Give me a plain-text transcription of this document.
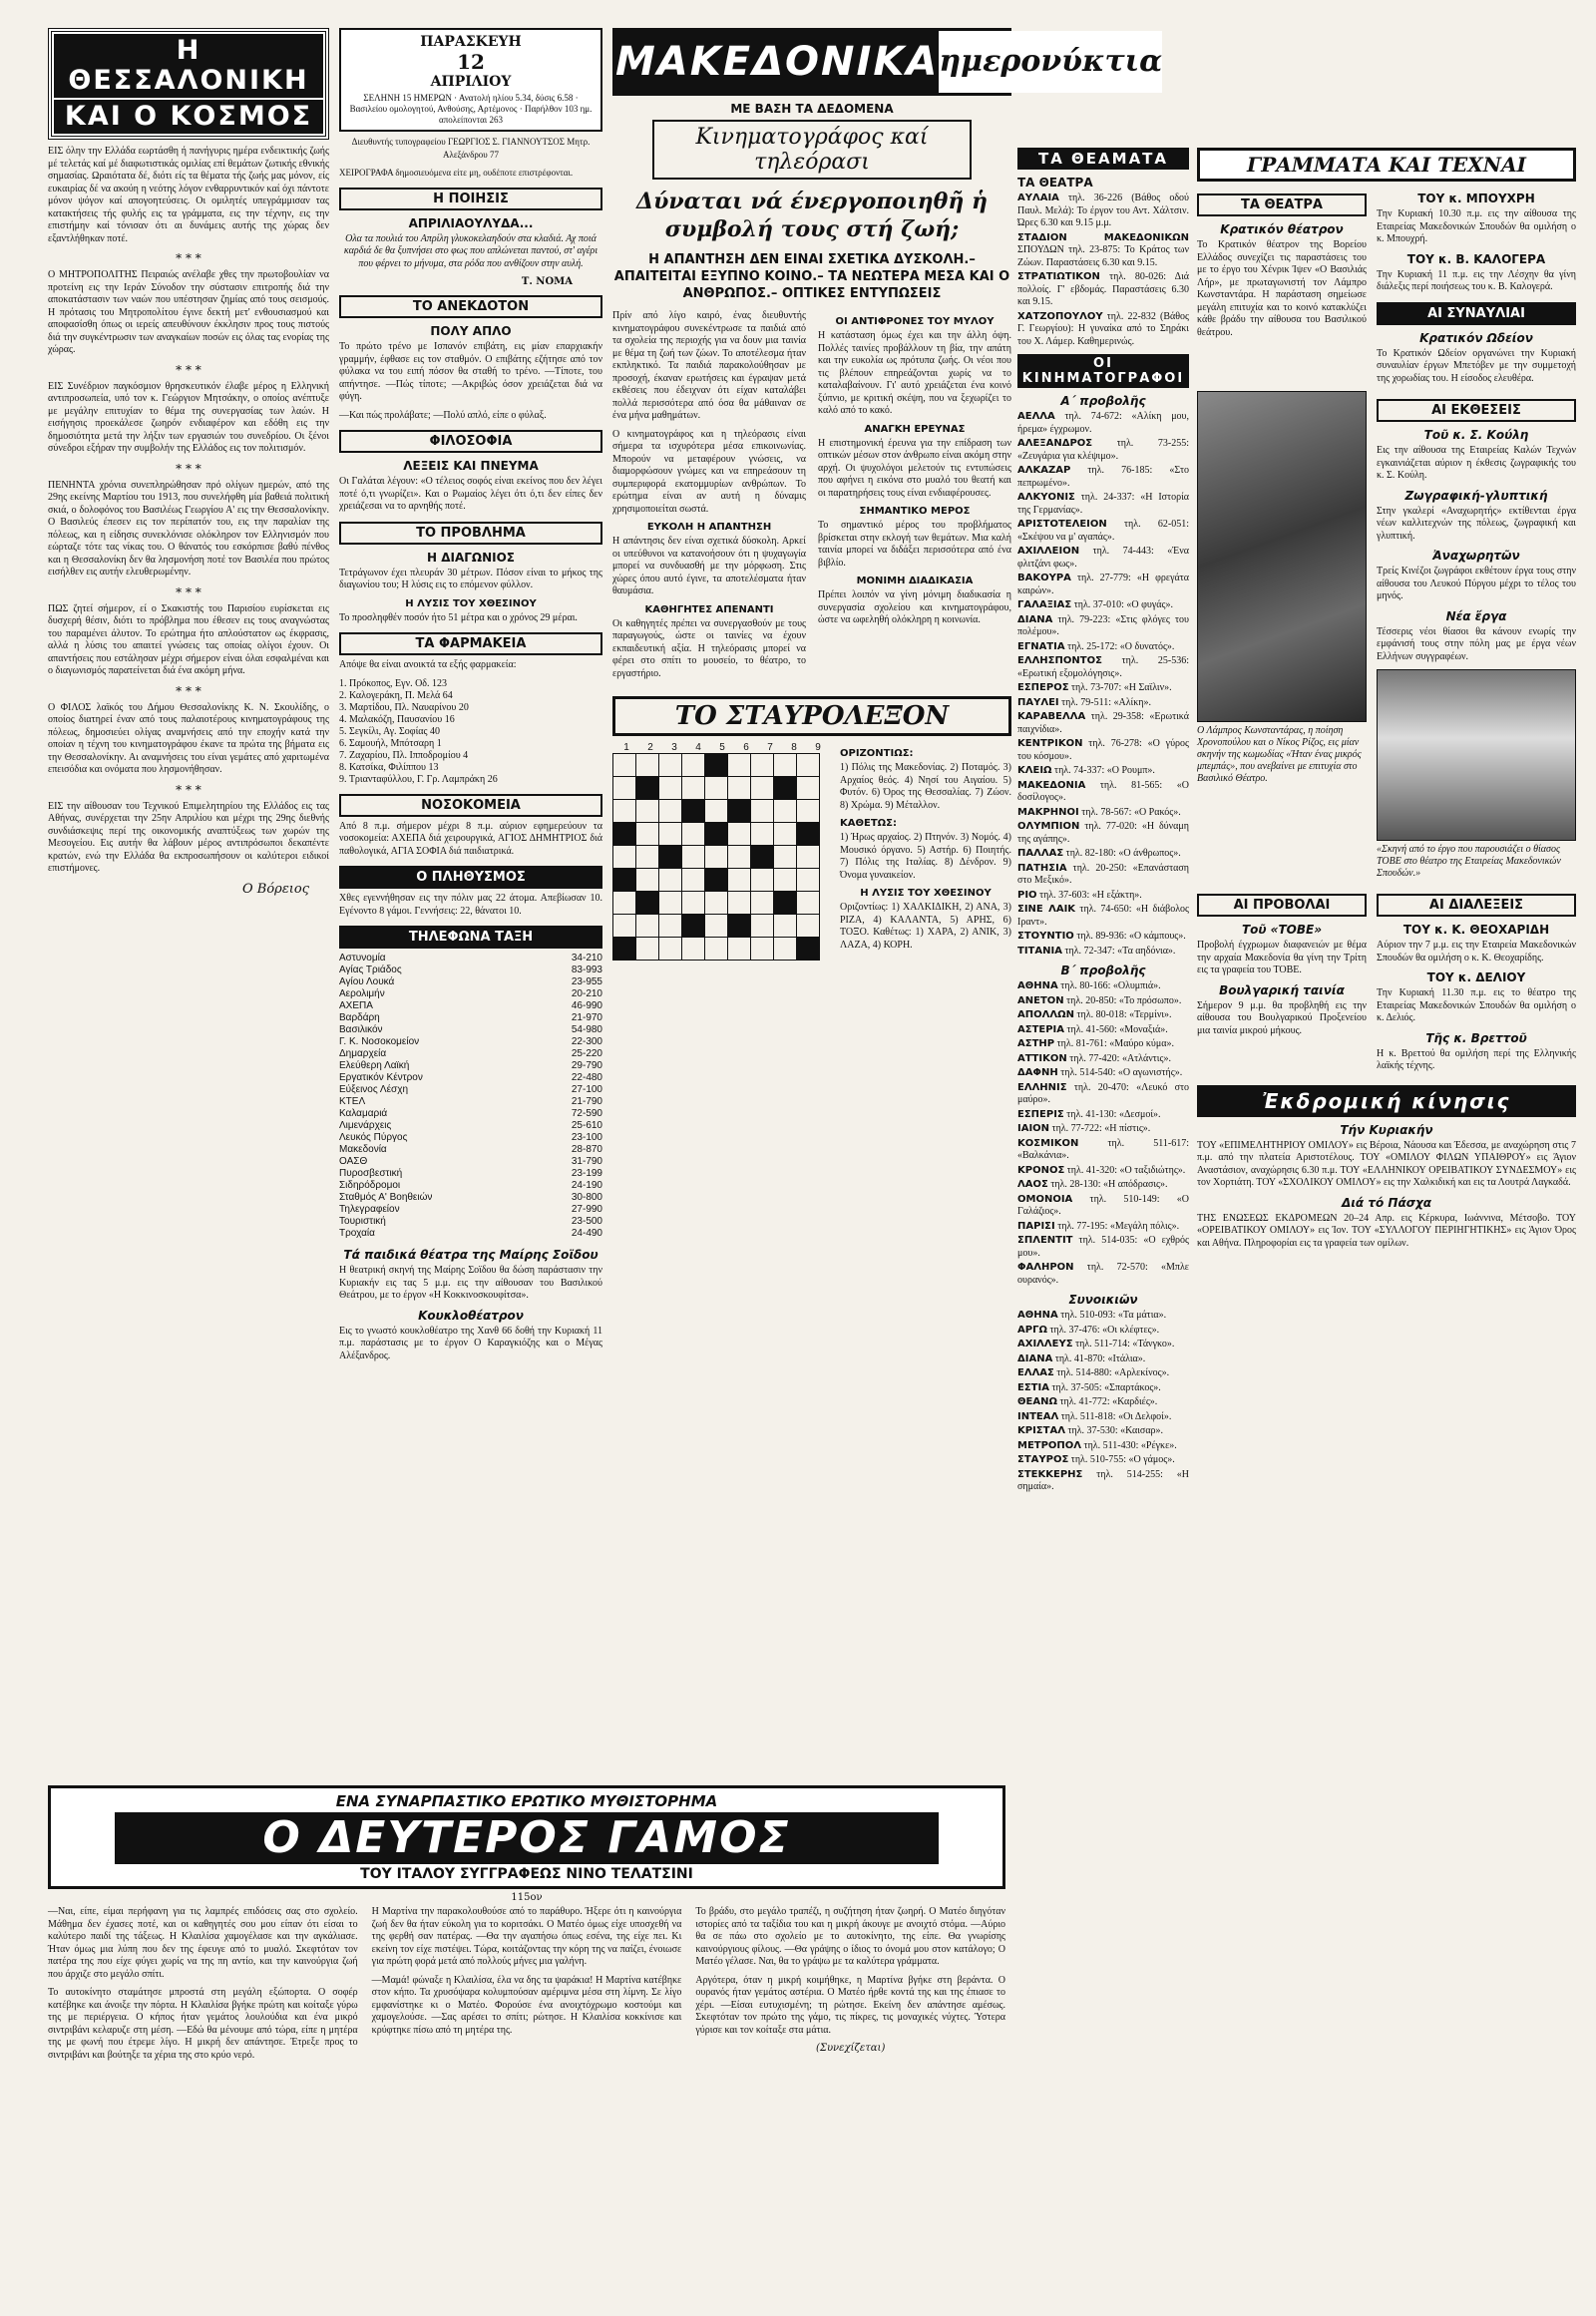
Η ΘΕΣΣΑΛΟΝΙΚΗ
ΚΑΙ Ο ΚΟΣΜΟΣ

ΕΙΣ όλην την Ελλάδα εωρτάσθη ή πανήγυρις ημέρα ενδεικτικής ζωής μέ τελετάς καί μέ διαφωτιστικάς ομιλίας επί θεμάτων ζωτικής εθνικής σημασίας. Ωραιότατα δέ, διότι είς τα θέματα τής ζωής μας μόνον, είς ευκαιρίας δέ να ακούη η νεότης λόγον ενθαρρυντικόν καί όχι πάντοτε μόνον ψόγον καί απογοητεύσεις. Οι ομιλητές υπεγράμμισαν τας κατακτήσεις τής φυλής εις τα γράμματα, εις την τέχνην, εις την επιστήμην καί τόνισαν ότι αι δυνάμεις αυτής της χώρας δεν εξαντλήθηκαν ποτέ.

* * *

Ο ΜΗΤΡΟΠΟΛΙΤΗΣ Πειραιώς ανέλαβε χθες την πρωτοβουλίαν να προτείνη εις την Ιεράν Σύνοδον την σύστασιν επιτροπής διά την αποκατάστασιν των ναών που υπέστησαν ζημίας από τους σεισμούς. Η πρότασις του Μητροπολίτου έγινε δεκτή μετ' ενθουσιασμού και αποφασίσθη όπως οι ιερείς απευθύνουν έκκλησιν προς τους πιστούς διά την συγκέντρωσιν των αναγκαίων ποσών εις όλας τας ενορίας της χώρας.

* * *

ΕΙΣ Συνέδριον παγκόσμιον θρησκευτικόν έλαβε μέρος η Ελληνική αντιπροσωπεία, υπό τον κ. Γεώργιον Μητσάκην, ο οποίος ανέπτυξε με μεγάλην επιτυχίαν το θέμα της συνεργασίας των λαών. Η εισήγησις προεκάλεσε ζωηρόν ενδιαφέρον και εδόθη εις την δημοσιότητα μετά την λήξιν των εργασιών του συνεδρίου. Οι ξένοι σύνεδροι εξήραν την συμβολήν της Ελλάδος εις τον πολιτισμόν.

* * *

ΠΕΝΗΝΤΑ χρόνια συνεπληρώθησαν πρό ολίγων ημερών, από της 29ης εκείνης Μαρτίου του 1913, που συνελήφθη μία βαθειά πολιτική σκιά, ο δολοφόνος του Βασιλέως Γεωργίου Α' εις την Θεσσαλονίκην. Ο Βασιλεύς έπεσεν εις τον περίπατόν του, εις την παραλίαν της πόλεως, και η είδησις συνεκλόνισε ολόκληρον τον Ελληνισμόν που εώρταζε τότε τας νίκας του. Ο θάνατός του εσκόρπισε βαθύ πένθος και η Θεσσαλονίκη δεν θα λησμονήση ποτέ τον Βασιλέα που πρώτος εισήλθεν εις αυτήν ελευθερωμένην.

* * *

ΠΩΣ ζητεί σήμερον, εί ο Σκακιστής του Παρισίου ευρίσκεται εις δυσχερή θέσιν, διότι το πρόβλημα που έθεσεν εις τους αναγνώστας του παραμένει άλυτον. Το ερώτημα ήτο απλούστατον ως έκφρασις, αλλά η λύσις του απαιτεί γνώσεις τας οποίας ολίγοι έχουν. Οι απαντήσεις που εστάλησαν μέχρι σήμερον είναι όλαι εσφαλμέναι και ο διαγωνισμός παρατείνεται διά ένα ακόμη μήνα.

* * *

Ο ΦΙΛΟΣ λαϊκός του Δήμου Θεσσαλονίκης Κ. Ν. Σκουλίδης, ο οποίος διατηρεί έναν από τους παλαιοτέρους κινηματογράφους της πόλεως, δημοσιεύει ολίγας αναμνήσεις από την εποχήν κατά την οποίαν η τέχνη του κινηματογράφου έκανε τα πρώτα της βήματα εις την Θεσσαλονίκην. Αι αναμνήσεις του είναι γεμάτες από χαριτωμένα επεισόδια και ονόματα που λησμονήθησαν.

* * *

ΕΙΣ την αίθουσαν του Τεχνικού Επιμελητηρίου της Ελλάδος εις τας Αθήνας, συνέρχεται την 25ην Απριλίου και μέχρι της 29ης διεθνής συνδιάσκεψις περί της οικονομικής αναπτύξεως των χωρών της Μεσογείου. Εις αυτήν θα λάβουν μέρος αντιπρόσωποι δεκαπέντε κρατών, ενώ την Ελλάδα θα εκπροσωπήσουν οι καλύτεροι ειδικοί επιστήμονες.

Ο Βόρειος
ΠΑΡΑΣΚΕΥΗ
12
ΑΠΡΙΛΙΟΥ
ΣΕΛΗΝΗ 15 ΗΜΕΡΩΝ · Ανατολή ηλίου 5.34, δύσις 6.58 · Βασιλείου ομολογητού, Ανθούσης, Αρτέμονος · Παρήλθον 103 ημ. απολείπονται 263

Διευθυντής τυπογραφείου ΓΕΩΡΓΙΟΣ Σ. ΓΙΑΝΝΟΥΤΣΟΣ Μητρ. Αλεξάνδρου 77

ΧΕΙΡΟΓΡΑΦΑ δημοσιευόμενα είτε μη, ουδέποτε επιστρέφονται.

Η ΠΟΙΗΣΙΣ
ΑΠΡΙΛΙΑΟΥΛΥΔΑ...

Ολα τα πουλιά του Απρίλη γλυκοκελαηδούν στα κλαδιά. Αχ ποιά καρδιά δε θα ξυπνήσει στο φως που απλώνεται παντού, στ' αγέρι που φέρνει το μήνυμα, στα ρόδα που ανθίζουν στην αυλή.

Τ. ΝΟΜΑ
ΤΟ ΑΝΕΚΔΟΤΟΝ
ΠΟΛΥ ΑΠΛΟ

Το πρώτο τρένο με Ισπανόν επιβάτη, εις μίαν επαρχιακήν γραμμήν, έφθασε εις τον σταθμόν. Ο επιβάτης εζήτησε από τον φύλακα να του ειπή πόσον θα σταθή το τρένο. —Τίποτε, του απήντησε. —Πώς τίποτε; —Ακριβώς όσον χρειάζεται διά να φύγη.

—Και πώς προλάβατε; —Πολύ απλό, είπε ο φύλαξ.

ΦΙΛΟΣΟΦΙΑ
ΛΕΞΕΙΣ ΚΑΙ ΠΝΕΥΜΑ

Οι Γαλάται λέγουν: «Ο τέλειος σοφός είναι εκείνος που δεν λέγει ποτέ ό,τι γνωρίζει». Και ο Ρωμαίος λέγει ότι ό,τι δεν είπες δεν χρειάζεσαι να το αρνηθής ποτέ.

ΤΟ ΠΡΟΒΛΗΜΑ
Η ΔΙΑΓΩΝΙΟΣ

Τετράγωνον έχει πλευράν 30 μέτρων. Πόσον είναι το μήκος της διαγωνίου του; Η λύσις εις το επόμενον φύλλον.

Η ΛΥΣΙΣ ΤΟΥ ΧΘΕΣΙΝΟΥ

Το προσληφθέν ποσόν ήτο 51 μέτρα και ο χρόνος 29 μέραι.

ΤΑ ΦΑΡΜΑΚΕΙΑ

Απόψε θα είναι ανοικτά τα εξής φαρμακεία:

1. Πρόκοπος, Εγν. Οδ. 123
2. Καλογεράκη, Π. Μελά 64
3. Μαρτίδου, Πλ. Ναυαρίνου 20
4. Μαλακόζη, Παυσανίου 16
5. Σεγκίλι, Αγ. Σοφίας 40
6. Σαμουήλ, Μπότσαρη 1
7. Ζαχαρίου, Πλ. Ιπποδρομίου 4
8. Κατσίκα, Φιλίππου 13
9. Τριανταφύλλου, Γ. Γρ. Λαμπράκη 26
ΝΟΣΟΚΟΜΕΙΑ

Από 8 π.μ. σήμερον μέχρι 8 π.μ. αύριον εφημερεύουν τα νοσοκομεία: ΑΧΕΠΑ διά χειρουργικά, ΑΓΙΟΣ ΔΗΜΗΤΡΙΟΣ διά παθολογικά, ΑΓΙΑ ΣΟΦΙΑ διά παιδιατρικά.

Ο ΠΛΗΘΥΣΜΟΣ

Χθες εγεννήθησαν εις την πόλιν μας 22 άτομα. Απεβίωσαν 10. Εγένοντο 8 γάμοι. Γεννήσεις: 22, θάνατοι 10.

ΤΗΛΕΦΩΝΑ ΤΑΞΗ
Αστυνομία	34-210
Αγίας Τριάδος	83-993
Αγίου Λουκά	23-955
Αερολιμήν	20-210
ΑΧΕΠΑ	46-990
Βαρδάρη	21-970
Βασιλικόν	54-980
Γ. Κ. Νοσοκομείον	22-300
Δημαρχεία	25-220
Ελεύθερη Λαϊκή	29-790
Εργατικόν Κέντρον	22-480
Εύξεινος Λέσχη	27-100
ΚΤΕΛ	21-790
Καλαμαριά	72-590
Λιμενάρχεις	25-610
Λευκός Πύργος	23-100
Μακεδονία	28-870
ΟΑΣΘ	31-790
Πυροσβεστική	23-199
Σιδηρόδρομοι	24-190
Σταθμός Α' Βοηθειών	30-800
Τηλεγραφείον	27-990
Τουριστική	23-500
Τροχαία	24-490
Τά παιδικά θέατρα της Μαίρης Σοϊδου

Η θεατρική σκηνή της Μαίρης Σοϊδου θα δώση παράστασιν την Κυριακήν εις τας 5 μ.μ. εις την αίθουσαν του Βασιλικού Θεάτρου, με το έργον «Η Κοκκινοσκουφίτσα».

Κουκλοθέατρον

Εις το γνωστό κουκλοθέατρο της Χανθ 66 δοθή την Κυριακή 11 π.μ. παράστασις με το έργον Ο Καραγκιόζης και ο Μέγας Αλέξανδρος.

ΜΑΚΕΔΟΝΙΚΑ ημερονύκτια
ΜΕ ΒΑΣΗ ΤΑ ΔΕΔΟΜΕΝΑ
Κινηματογράφος καί τηλεόρασι
Δύναται νά ένεργοποιηθῆ ἡ συμβολή τους στή ζωή;
Η ΑΠΑΝΤΗΣΗ ΔΕΝ ΕΙΝΑΙ ΣΧΕΤΙΚΑ ΔΥΣΚΟΛΗ.– ΑΠΑΙΤΕΙΤΑΙ ΕΞΥΠΝΟ ΚΟΙΝΟ.– ΤΑ ΝΕΩΤΕΡΑ ΜΕΣΑ ΚΑΙ Ο ΑΝΘΡΩΠΟΣ.– ΟΠΤΙΚΕΣ ΕΝΤΥΠΩΣΕΙΣ

Πρίν από λίγο καιρό, ένας διευθυντής κινηματογράφου συνεκέντρωσε τα παιδιά από τα σχολεία της περιοχής για να δουν μια ταινία με θέμα τη ζωή των ζώων. Το αποτέλεσμα ήταν εκπληκτικό. Τα παιδιά παρακολούθησαν με προσοχή, έκαναν ερωτήσεις και έγραψαν μετά εκθέσεις που έδειχναν ότι είχαν καταλάβει πολλά περισσότερα από όσα θα μάθαιναν σε ένα μήνα μαθημάτων.

Ο κινηματογράφος και η τηλεόρασις είναι σήμερα τα ισχυρότερα μέσα επικοινωνίας. Μπορούν να μεταφέρουν γνώσεις, να διαμορφώσουν γνώμες και να επηρεάσουν τη συμπεριφορά εκατομμυρίων ανθρώπων. Το ερώτημα είναι αν αυτή η δύναμις χρησιμοποιείται σωστά.

ΕΥΚΟΛΗ Η ΑΠΑΝΤΗΣΗ

Η απάντησις δεν είναι σχετικά δύσκολη. Αρκεί οι υπεύθυνοι να κατανοήσουν ότι η ψυχαγωγία μπορεί να συνδυασθή με την μόρφωση. Στις χώρες όπου αυτό έγινε, τα αποτελέσματα ήταν θαυμάσια.

ΚΑΘΗΓΗΤΕΣ ΑΠΕΝΑΝΤΙ

Οι καθηγητές πρέπει να συνεργασθούν με τους παραγωγούς, ώστε οι ταινίες να έχουν εκπαιδευτική αξία. Η τηλεόρασις μπορεί να φέρει στο σπίτι το μουσείο, το θέατρο, το εργαστήριο.

ΟΙ ΑΝΤΙΦΡΟΝΕΣ ΤΟΥ ΜΥΛΟΥ

Η κατάσταση όμως έχει και την άλλη όψη. Πολλές ταινίες προβάλλουν τη βία, την απάτη και την ευκολία ως πρότυπα ζωής. Οι νέοι που τις βλέπουν επηρεάζονται χωρίς να το καταλαβαίνουν. Γι' αυτό χρειάζεται ένα κοινό ξύπνιο, με κριτική σκέψη, που να ξεχωρίζει το καλό από το κακό.

ΑΝΑΓΚΗ ΕΡΕΥΝΑΣ

Η επιστημονική έρευνα για την επίδραση των οπτικών μέσων στον άνθρωπο είναι ακόμη στην αρχή. Οι ψυχολόγοι μελετούν τις εντυπώσεις που αφήνει η εικόνα στο μυαλό του θεατή και οι παρατηρήσεις τους είναι ενδιαφέρουσες.

ΣΗΜΑΝΤΙΚΟ ΜΕΡΟΣ

Το σημαντικό μέρος του προβλήματος βρίσκεται στην εκλογή των θεμάτων. Μια καλή ταινία μπορεί να διδάξει περισσότερα από ένα βιβλίο.

ΜΟΝΙΜΗ ΔΙΑΔΙΚΑΣΙΑ

Πρέπει λοιπόν να γίνη μόνιμη διαδικασία η συνεργασία σχολείου και κινηματογράφου, ώστε να ωφεληθή ολόκληρη η κοινωνία.

ΤΟ ΣΤΑΥΡΟΛΕΞΟΝ
1	2	3	4	5	6	7	8	9

ΟΡΙΖΟΝΤΙΩΣ:

1) Πόλις της Μακεδονίας. 2) Ποταμός. 3) Αρχαίος θεός. 4) Νησί του Αιγαίου. 5) Φυτόν. 6) Όρος της Θεσσαλίας. 7) Ζώον. 8) Χρώμα. 9) Μέταλλον.

ΚΑΘΕΤΩΣ:

1) Ήρως αρχαίος. 2) Πτηνόν. 3) Νομός. 4) Μουσικό όργανο. 5) Αστήρ. 6) Ποιητής. 7) Πόλις της Ιταλίας. 8) Δένδρον. 9) Όνομα γυναικείον.

Η ΛΥΣΙΣ ΤΟΥ ΧΘΕΣΙΝΟΥ

Οριζοντίως: 1) ΧΑΛΚΙΔΙΚΗ, 2) ΑΝΑ, 3) ΡΙΖΑ, 4) ΚΑΛΑΝΤΑ, 5) ΑΡΗΣ, 6) ΤΟΞΟ. Καθέτως: 1) ΧΑΡΑ, 2) ΑΝΙΚ, 3) ΛΑΖΑ, 4) ΚΟΡΗ.

ΤΑ ΘΕΑΜΑΤΑ
ΤΑ ΘΕΑΤΡΑ

ΑΥΛΑΙΑ τηλ. 36-226 (Βάθος οδού Παυλ. Μελά): Το έργον του Αντ. Χάλτσιν. Ώρες 6.30 και 9.15 μ.μ.

ΣΤΑΔΙΟΝ ΜΑΚΕΔΟΝΙΚΩΝ ΣΠΟΥΔΩΝ τηλ. 23-875: Το Κράτος των Ζώων. Παραστάσεις 6.30 και 9.15.

ΣΤΡΑΤΙΩΤΙΚΟΝ τηλ. 80-026: Διά πολλοίς. Γ' εβδομάς. Παραστάσεις 6.30 και 9.15.

ΧΑΤΖΟΠΟΥΛΟΥ τηλ. 22-832 (Βάθος Γ. Γεωργίου): Η γυναίκα από το Σηράκι του Χ. Λάμερ. Καθημερινώς.

ΟΙ ΚΙΝΗΜΑΤΟΓΡΑΦΟΙ
Α΄ προβολῆς

ΑΕΛΛΑ τηλ. 74-672: «Αλίκη μου, ήρεμα» έγχρωμον.

ΑΛΕΞΑΝΔΡΟΣ τηλ. 73-255: «Ζευγάρια για κλέψιμο».

ΑΛΚΑΖΑΡ τηλ. 76-185: «Στο πεπρωμένο».

ΑΛΚΥΟΝΙΣ τηλ. 24-337: «Η Ιστορία της Γερμανίας».

ΑΡΙΣΤΟΤΕΛΕΙΟΝ τηλ. 62-051: «Σκέψου να μ' αγαπάς».

ΑΧΙΛΛΕΙΟΝ τηλ. 74-443: «Ένα φλιτζάνι φως».

ΒΑΚΟΥΡΑ τηλ. 27-779: «Η φρεγάτα καιρών».

ΓΑΛΑΞΙΑΣ τηλ. 37-010: «Ο φυγάς».

ΔΙΑΝΑ τηλ. 79-223: «Στις φλόγες του πολέμου».

ΕΓΝΑΤΙΑ τηλ. 25-172: «Ο δυνατός».

ΕΛΛΗΣΠΟΝΤΟΣ τηλ. 25-536: «Ερωτική εξομολόγησις».

ΕΣΠΕΡΟΣ τηλ. 73-707: «Η Σαϊλιν».

ΠΑΥΛΕΙ τηλ. 79-511: «Αλίκη».

ΚΑΡΑΒΕΛΛΑ τηλ. 29-358: «Ερωτικά παιχνίδια».

ΚΕΝΤΡΙΚΟΝ τηλ. 76-278: «Ο γύρος του κόσμου».

ΚΛΕΙΩ τηλ. 74-337: «Ο Ρουμπ».

ΜΑΚΕΔΟΝΙΑ τηλ. 81-565: «Ο δοσίλογος».

ΜΑΚΡΗΝΟΙ τηλ. 78-567: «Ο Ρακός».

ΟΛΥΜΠΙΟΝ τηλ. 77-020: «Η δύναμη της αγάπης».

ΠΑΛΛΑΣ τηλ. 82-180: «Ο άνθρωπος».

ΠΑΤΗΣΙΑ τηλ. 20-250: «Επανάσταση στο Μεξικό».

ΡΙΟ τηλ. 37-603: «Η εξάκτη».

ΣΙΝΕ ΛΑΙΚ τηλ. 74-650: «Η διάβολος Ιραντ».

ΣΤΟΥΝΤΙΟ τηλ. 89-936: «Ο κάμπους».

ΤΙΤΑΝΙΑ τηλ. 72-347: «Τα αηδόνια».

Β΄ προβολῆς

ΑΘΗΝΑ τηλ. 80-166: «Ολυμπιά».

ΑΝΕΤΟΝ τηλ. 20-850: «Το πρόσωπο».

ΑΠΟΛΛΩΝ τηλ. 80-018: «Τερμίνι».

ΑΣΤΕΡΙΑ τηλ. 41-560: «Μοναξιά».

ΑΣΤΗΡ τηλ. 81-761: «Μαύρο κύμα».

ΑΤΤΙΚΟΝ τηλ. 77-420: «Ατλάντις».

ΔΑΦΝΗ τηλ. 514-540: «Ο αγωνιστής».

ΕΛΛΗΝΙΣ τηλ. 20-470: «Λευκό στο μαύρο».

ΕΣΠΕΡΙΣ τηλ. 41-130: «Δεσμοί».

ΙΑΙΟΝ τηλ. 77-722: «Η πίστις».

ΚΟΣΜΙΚΟΝ τηλ. 511-617: «Βαλκάνια».

ΚΡΟΝΟΣ τηλ. 41-320: «Ο ταξιδιώτης».

ΛΑΟΣ τηλ. 28-130: «Η απόδρασις».

ΟΜΟΝΟΙΑ τηλ. 510-149: «Ο Γαλάζιος».

ΠΑΡΙΣΙ τηλ. 77-195: «Μεγάλη πόλις».

ΣΠΛΕΝΤΙΤ τηλ. 514-035: «Ο εχθρός μου».

ΦΑΛΗΡΟΝ τηλ. 72-570: «Μπλε ουρανός».

Συνοικιῶν

ΑΘΗΝΑ τηλ. 510-093: «Τα μάτια».

ΑΡΓΩ τηλ. 37-476: «Οι κλέφτες».

ΑΧΙΛΛΕΥΣ τηλ. 511-714: «Τάνγκο».

ΔΙΑΝΑ τηλ. 41-870: «Ιτάλια».

ΕΛΛΑΣ τηλ. 514-880: «Αρλεκίνος».

ΕΣΤΙΑ τηλ. 37-505: «Σπαρτάκος».

ΘΕΑΝΩ τηλ. 41-772: «Καρδιές».

ΙΝΤΕΑΛ τηλ. 511-818: «Οι Δελφοί».

ΚΡΙΣΤΑΛ τηλ. 37-530: «Καισαρ».

ΜΕΤΡΟΠΟΛ τηλ. 511-430: «Ρέγκε».

ΣΤΑΥΡΟΣ τηλ. 510-755: «Ο γάμος».

ΣΤΕΚΚΕΡΗΣ τηλ. 514-255: «Η σημαία».

ΓΡΑΜΜΑΤΑ ΚΑΙ ΤΕΧΝΑΙ
ΤΑ ΘΕΑΤΡΑ
Κρατικόν θέατρον

Το Κρατικόν θέατρον της Βορείου Ελλάδος συνεχίζει τις παραστάσεις του με το έργο του Χένρικ Ίψεν «Ο Βασιλιάς Λήρ», με πρωταγωνιστή τον Λάμπρο Κωνσταντάρα. Η παράσταση σημείωσε μεγάλη επιτυχία και το κοινό κατακλύζει κάθε βράδυ την αίθουσα του Βασιλικού θεάτρου.

ΤΟΥ κ. ΜΠΟΥΧΡΗ

Την Κυριακή 10.30 π.μ. εις την αίθουσα της Εταιρείας Μακεδονικών Σπουδών θα ομιλήση ο κ. Μπουχρή.

ΤΟΥ κ. Β. ΚΑΛΟΓΕΡΑ

Την Κυριακή 11 π.μ. εις την Λέσχην θα γίνη διάλεξις περί ποιήσεως του κ. Β. Καλογερά.

ΑΙ ΣΥΝΑΥΛΙΑΙ
Κρατικόν Ωδείον

Το Κρατικόν Ωδείον οργανώνει την Κυριακή συναυλίαν έργων Μπετόβεν με την συμμετοχή της χορωδίας του. Η είσοδος ελευθέρα.

Ο Λάμπρος Κωνσταντάρας, η ποίηση Χρονοπούλου και ο Νίκος Ρίζος, εις μίαν σκηνήν της κωμωδίας «Ήταν ένας μικρός μπεμπάς», που ανεβαίνει με επιτυχία στο Βασιλικό Θέατρο.

ΑΙ ΕΚΘΕΣΕΙΣ
Τοῦ κ. Σ. Κούλη

Εις την αίθουσα της Εταιρείας Καλών Τεχνών εγκαινιάζεται αύριον η έκθεσις ζωγραφικής του κ. Σ. Κούλη.

Ζωγραφική-γλυπτική

Στην γκαλερί «Αναχωρητής» εκτίθενται έργα νέων καλλιτεχνών της πόλεως, ζωγραφική και γλυπτική.

Ἀναχωρητῶν

Τρείς Κινέζοι ζωγράφοι εκθέτουν έργα τους στην αίθουσα του Λευκού Πύργου μέχρι το τέλος του μηνός.

Νέα ἔργα

Τέσσερις νέοι θίασοι θα κάνουν ενωρίς την εμφάνισή τους στην πόλη μας με έργα νέων Ελλήνων συγγραφέων.

«Σκηνή από το έργο που παρουσιάζει ο θίασος ΤΟΒΕ στο θέατρο της Εταιρείας Μακεδονικών Σπουδών.»

ΑΙ ΠΡΟΒΟΛΑΙ
Τοῦ «ΤΟΒΕ»

Προβολή έγχρωμων διαφανειών με θέμα την αρχαία Μακεδονία θα γίνη την Τρίτη εις τα γραφεία του ΤΟΒΕ.

Βουλγαρική ταινία

Σήμερον 9 μ.μ. θα προβληθή εις την αίθουσα του Βουλγαρικού Προξενείου μια ταινία μικρού μήκους.

ΑΙ ΔΙΑΛΕΞΕΙΣ
ΤΟΥ κ. Κ. ΘΕΟΧΑΡΙΔΗ

Αύριον την 7 μ.μ. εις την Εταιρεία Μακεδονικών Σπουδών θα ομιλήση ο κ. Κ. Θεοχαρίδης.

ΤΟΥ κ. ΔΕΛΙΟΥ

Την Κυριακή 11.30 π.μ. εις το θέατρο της Εταιρείας Μακεδονικών Σπουδών θα ομιλήση ο κ. Δελιός.

Τῆς κ. Βρεττοῦ

Η κ. Βρεττού θα ομιλήση περί της Ελληνικής λαϊκής τέχνης.

Ἐκδρομική κίνησις
Τήν Κυριακήν

ΤΟΥ «ΕΠΙΜΕΛΗΤΗΡΙΟΥ ΟΜΙΛΟΥ» εις Βέροια, Νάουσα και Έδεσσα, με αναχώρηση στις 7 π.μ. από την πλατεία Αριστοτέλους. ΤΟΥ «ΟΜΙΛΟΥ ΦΙΛΩΝ ΥΠΑΙΘΡΟΥ» εις Άγιον Αναστάσιον, αναχώρησις 6.30 π.μ. ΤΟΥ «ΕΛΛΗΝΙΚΟΥ ΟΡΕΙΒΑΤΙΚΟΥ ΣΥΝΔΕΣΜΟΥ» εις τον Χορτιάτη. ΤΟΥ «ΣΧΟΛΙΚΟΥ ΟΜΙΛΟΥ» εις την Χαλκιδική και εις τα Λουτρά Λαγκαδά.

Διά τό Πάσχα

ΤΗΣ ΕΝΩΣΕΩΣ ΕΚΔΡΟΜΕΩΝ 20–24 Απρ. εις Κέρκυρα, Ιωάννινα, Μέτσοβο. ΤΟΥ «ΟΡΕΙΒΑΤΙΚΟΥ ΟΜΙΛΟΥ» εις Ίον. ΤΟΥ «ΣΥΛΛΟΓΟΥ ΠΕΡΙΗΓΗΤΙΚΗΣ» εις Άγιον Όρος και Αθήνα. Πληροφορίαι εις τα γραφεία των ομίλων.

ΕΝΑ ΣΥΝΑΡΠΑΣΤΙΚΟ ΕΡΩΤΙΚΟ ΜΥΘΙΣΤΟΡΗΜΑ
Ο ΔΕΥΤΕΡΟΣ ΓΑΜΟΣ
ΤΟΥ ΙΤΑΛΟΥ ΣΥΓΓΡΑΦΕΩΣ ΝΙΝΟ ΤΕΛΑΤΣΙΝΙ
115ον

—Ναι, είπε, είμαι περήφανη για τις λαμπρές επιδόσεις σας στο σχολείο. Μάθημα δεν έχασες ποτέ, και οι καθηγητές σου μου είπαν ότι είσαι το καλύτερο παιδί της τάξεως. Η Κλαιλίσα χαμογέλασε και την αγκάλιασε. Ήταν όμως μια λύπη που δεν της έφευγε από το μυαλό. Σκεφτόταν τον πατέρα της που είχε φύγει χωρίς να της πη αντίο, και την καινούργια ζωή που άρχιζε στο μεγάλο σπίτι.

Το αυτοκίνητο σταμάτησε μπροστά στη μεγάλη εξώπορτα. Ο σοφέρ κατέβηκε και άνοιξε την πόρτα. Η Κλαιλίσα βγήκε πρώτη και κοίταξε γύρω της με περιέργεια. Ο κήπος ήταν γεμάτος λουλούδια και ένα μικρό σιντριβάνι κελαρυζε στη μέση. —Εδώ θα μένουμε από τώρα, είπε η μητέρα της με φωνή που έτρεμε λίγο. Η μικρή δεν απάντησε. Έτρεξε προς το σιντριβάνι και βούτηξε τα χέρια της στο κρύο νερό.

Η Μαρτίνα την παρακολουθούσε από το παράθυρο. Ήξερε ότι η καινούργια ζωή δεν θα ήταν εύκολη για το κοριτσάκι. Ο Ματέο όμως είχε υποσχεθή να της φερθή σαν πατέρας. —Θα την αγαπήσω όπως εσένα, της είχε πει. Κι εκείνη τον είχε πιστέψει. Τώρα, κοιτάζοντας την κόρη της να παίζει, ένοιωσε για πρώτη φορά μετά από πολλούς μήνες μια γαλήνη.

—Μαμά! φώναξε η Κλαιλίσα, έλα να δης τα ψαράκια! Η Μαρτίνα κατέβηκε στον κήπο. Τα χρυσόψαρα κολυμπούσαν αμέριμνα μέσα στη λίμνη. Σε λίγο εμφανίστηκε κι ο Ματέο. Φορούσε ένα ανοιχτόχρωμο κοστούμι και χαμογελούσε. —Σας αρέσει το σπίτι; ρώτησε. Η Κλαιλίσα κοκκίνισε και κρύφτηκε πίσω από τη μητέρα της.

Το βράδυ, στο μεγάλο τραπέζι, η συζήτηση ήταν ζωηρή. Ο Ματέο διηγόταν ιστορίες από τα ταξίδια του και η μικρή άκουγε με ανοιχτό στόμα. —Αύριο θα σε πάω στο σχολείο με το αυτοκίνητο, της είπε. Θα γνωρίσης καινούργιους φίλους. —Θα γράψης ο ίδιος το όνομά μου στον κατάλογο; Ο Ματέο γέλασε. Ναι, θα το γράψω με τα καλύτερα γράμματα.

Αργότερα, όταν η μικρή κοιμήθηκε, η Μαρτίνα βγήκε στη βεράντα. Ο ουρανός ήταν γεμάτος αστέρια. Ο Ματέο ήρθε κοντά της και της έπιασε το χέρι. —Είσαι ευτυχισμένη; τη ρώτησε. Εκείνη δεν απάντησε αμέσως. Σκεφτόταν τον πρώτο της γάμο, τις πίκρες, τις μοναχικές νύχτες. Ύστερα γύρισε και τον κοίταξε στα μάτια.

(Συνεχίζεται)
